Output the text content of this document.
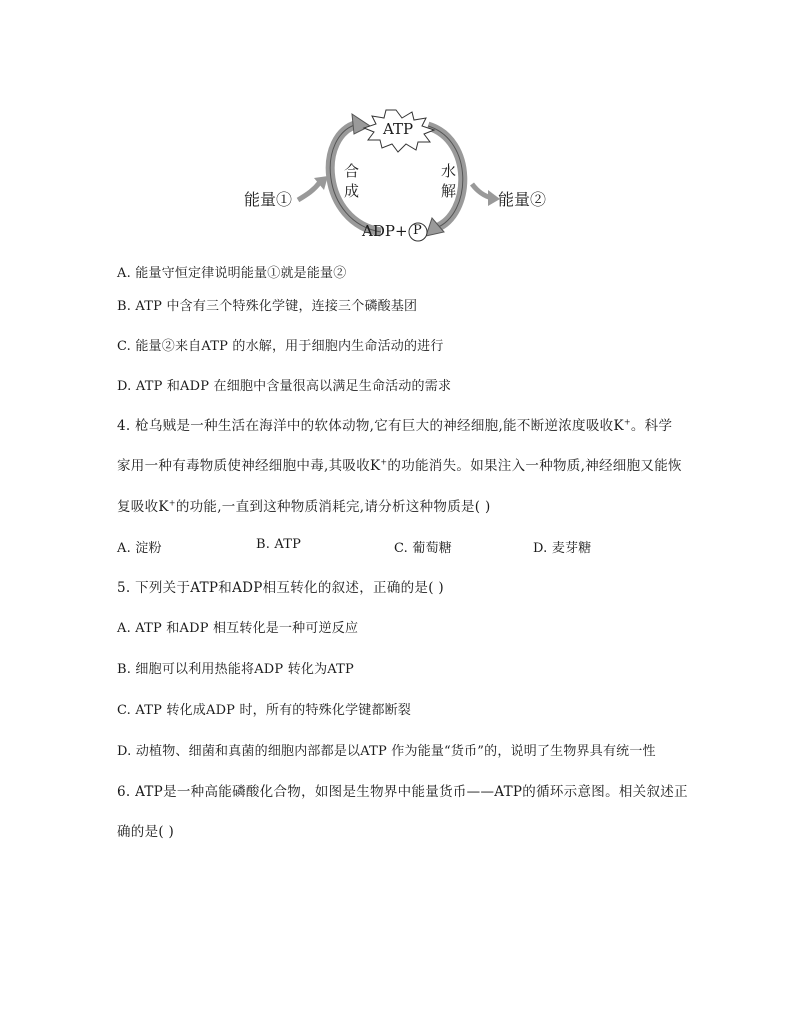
ATP
合
成
水
解
能量①	能量②
ADP+ P
A. 能量守恒定律说明能量①就是能量②
B. ATP 中含有三个特殊化学键，连接三个磷酸基团
C. 能量②来自ATP 的水解，用于细胞内生命活动的进行
D. ATP 和ADP 在细胞中含量很高以满足生命活动的需求
4. 枪乌贼是一种生活在海洋中的软体动物,它有巨大的神经细胞,能不断逆浓度吸收K+。科学
家用一种有毒物质使神经细胞中毒,其吸收K+的功能消失。如果注入一种物质,神经细胞又能恢
复吸收K+的功能,一直到这种物质消耗完,请分析这种物质是( )
A. 淀粉	B. ATP	C. 葡萄糖	D. 麦芽糖
5. 下列关于ATP和ADP相互转化的叙述，正确的是( )
A. ATP 和ADP 相互转化是一种可逆反应
B. 细胞可以利用热能将ADP 转化为ATP
C. ATP 转化成ADP 时，所有的特殊化学键都断裂
D. 动植物、细菌和真菌的细胞内部都是以ATP 作为能量“货币”的，说明了生物界具有统一性
6. ATP是一种高能磷酸化合物，如图是生物界中能量货币——ATP的循环示意图。相关叙述正
确的是( )
